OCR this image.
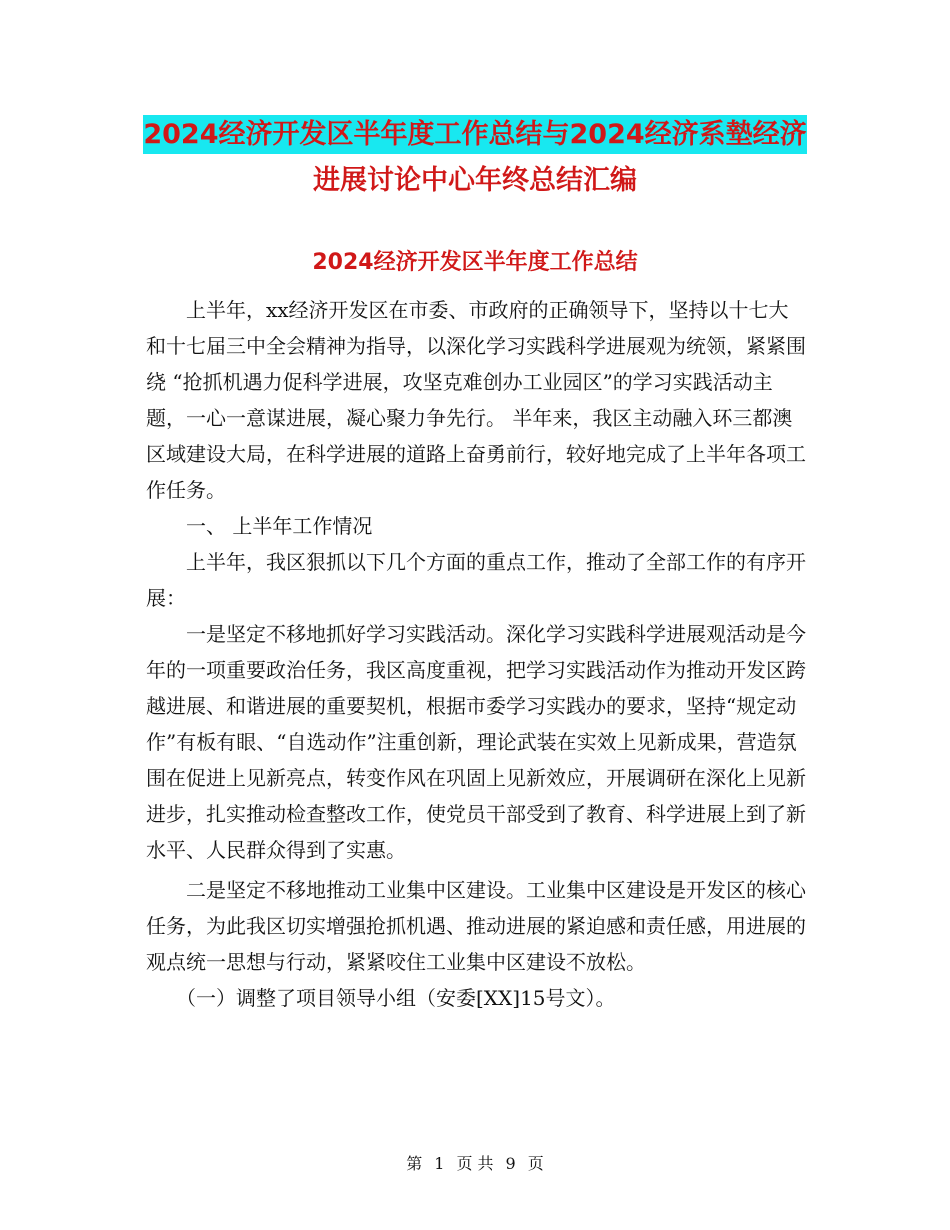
2024经济开发区半年度工作总结与2024经济系墊经济
进展讨论中心年终总结汇编
2024经济开发区半年度工作总结

上半年，xx经济开发区在市委、市政府的正确领导下，坚持以十七大和十七届三中全会精神为指导，以深化学习实践科学进展观为统领，紧紧围绕 “抢抓机遇力促科学进展，攻坚克难创办工业园区”的学习实践活动主题，一心一意谋进展，凝心聚力争先行。 半年来，我区主动融入环三都澳区域建设大局，在科学进展的道路上奋勇前行，较好地完成了上半年各项工作任务。

一、 上半年工作情况

上半年，我区狠抓以下几个方面的重点工作，推动了全部工作的有序开展：

一是坚定不移地抓好学习实践活动。深化学习实践科学进展观活动是今年的一项重要政治任务，我区高度重视，把学习实践活动作为推动开发区跨越进展、和谐进展的重要契机，根据市委学习实践办的要求，坚持“规定动作”有板有眼、“自选动作”注重创新，理论武装在实效上见新成果，营造氛围在促进上见新亮点，转变作风在巩固上见新效应，开展调研在深化上见新进步，扎实推动检查整改工作，使党员干部受到了教育、科学进展上到了新水平、人民群众得到了实惠。

二是坚定不移地推动工业集中区建设。工业集中区建设是开发区的核心任务，为此我区切实增强抢抓机遇、推动进展的紧迫感和责任感，用进展的观点统一思想与行动，紧紧咬住工业集中区建设不放松。

（一）调整了项目领导小组（安委[XX]15号文）。

第 1 页 共 9 页
